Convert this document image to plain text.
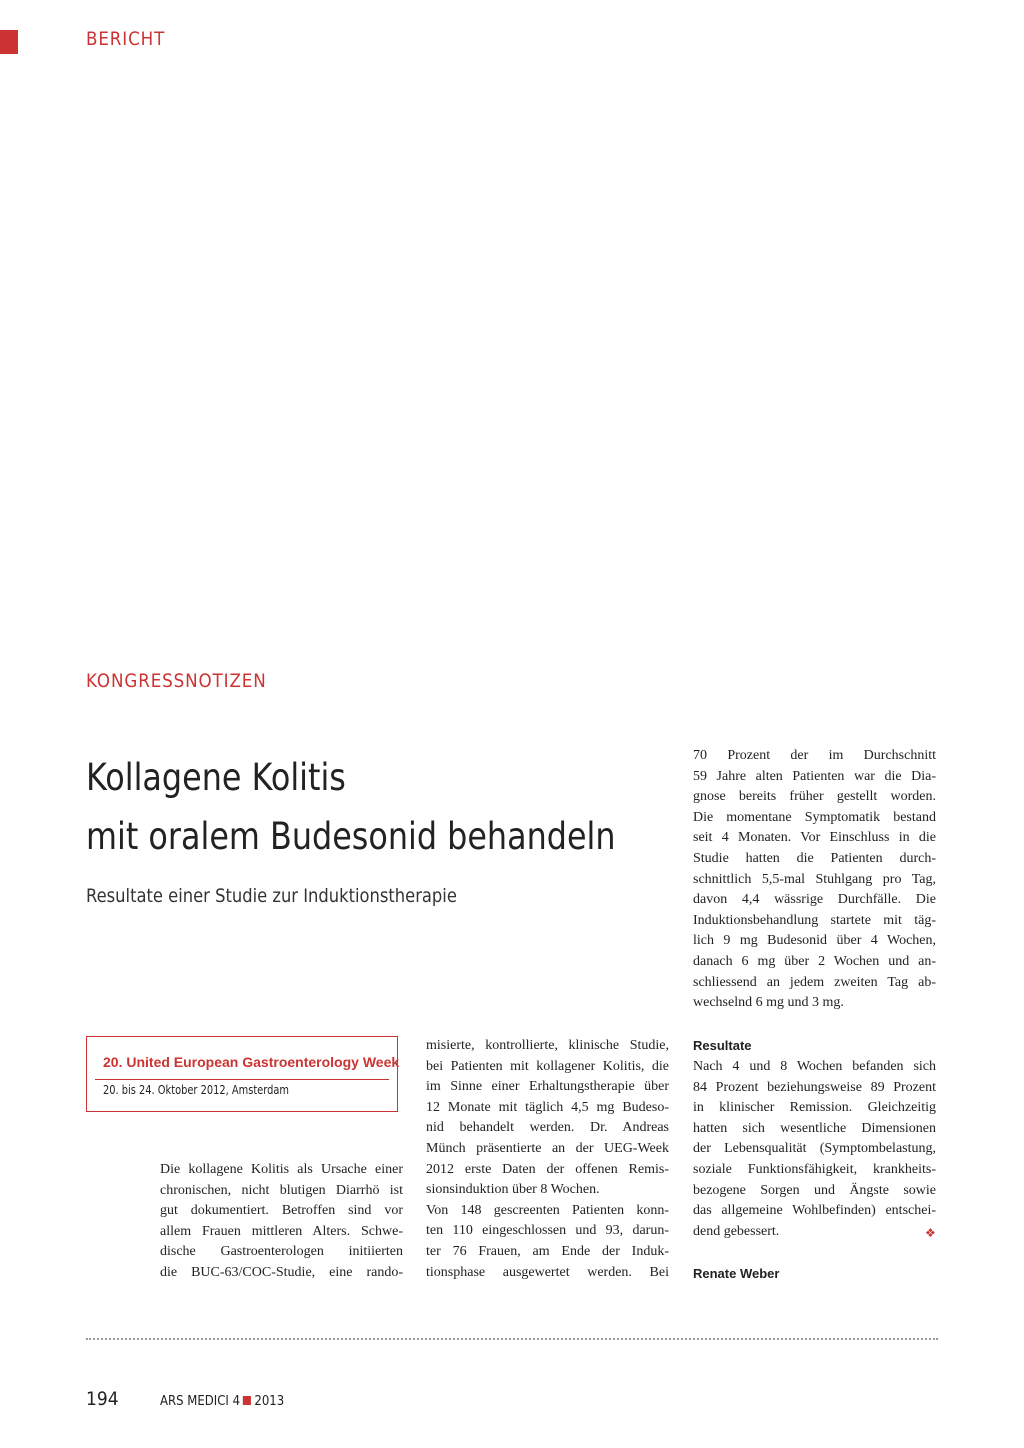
BERICHT
KONGRESSNOTIZEN
Kollagene Kolitis
mit oralem Budesonid behandeln
Resultate einer Studie zur Induktionstherapie
20. United European Gastroenterology Week
20. bis 24. Oktober 2012, Amsterdam
Die kollagene Kolitis als Ursache einer
chronischen, nicht blutigen Diarrhö ist
gut dokumentiert. Betroffen sind vor
allem Frauen mittleren Alters. Schwe-
dische Gastroenterologen initiierten
die BUC-63/COC-Studie, eine rando-
misierte, kontrollierte, klinische Studie,
bei Patienten mit kollagener Kolitis, die
im Sinne einer Erhaltungstherapie über
12 Monate mit täglich 4,5 mg Budeso-
nid behandelt werden. Dr. Andreas
Münch präsentierte an der UEG-Week
2012 erste Daten der offenen Remis-
sionsinduktion über 8 Wochen.
Von 148 gescreenten Patienten konn-
ten 110 eingeschlossen und 93, darun-
ter 76 Frauen, am Ende der Induk-
tionsphase ausgewertet werden. Bei
70 Prozent der im Durchschnitt
59 Jahre alten Patienten war die Dia-
gnose bereits früher gestellt worden.
Die momentane Symptomatik bestand
seit 4 Monaten. Vor Einschluss in die
Studie hatten die Patienten durch-
schnittlich 5,5-mal Stuhlgang pro Tag,
davon 4,4 wässrige Durchfälle. Die
Induktionsbehandlung startete mit täg-
lich 9 mg Budesonid über 4 Wochen,
danach 6 mg über 2 Wochen und an-
schliessend an jedem zweiten Tag ab-
wechselnd 6 mg und 3 mg.
Resultate
Nach 4 und 8 Wochen befanden sich
84 Prozent beziehungsweise 89 Prozent
in klinischer Remission. Gleichzeitig
hatten sich wesentliche Dimensionen
der Lebensqualität (Symptombelastung,
soziale Funktionsfähigkeit, krankheits-
bezogene Sorgen und Ängste sowie
das allgemeine Wohlbefinden) entschei-
dend gebessert.	❖
Renate Weber
194	ARS MEDICI 4 2013
